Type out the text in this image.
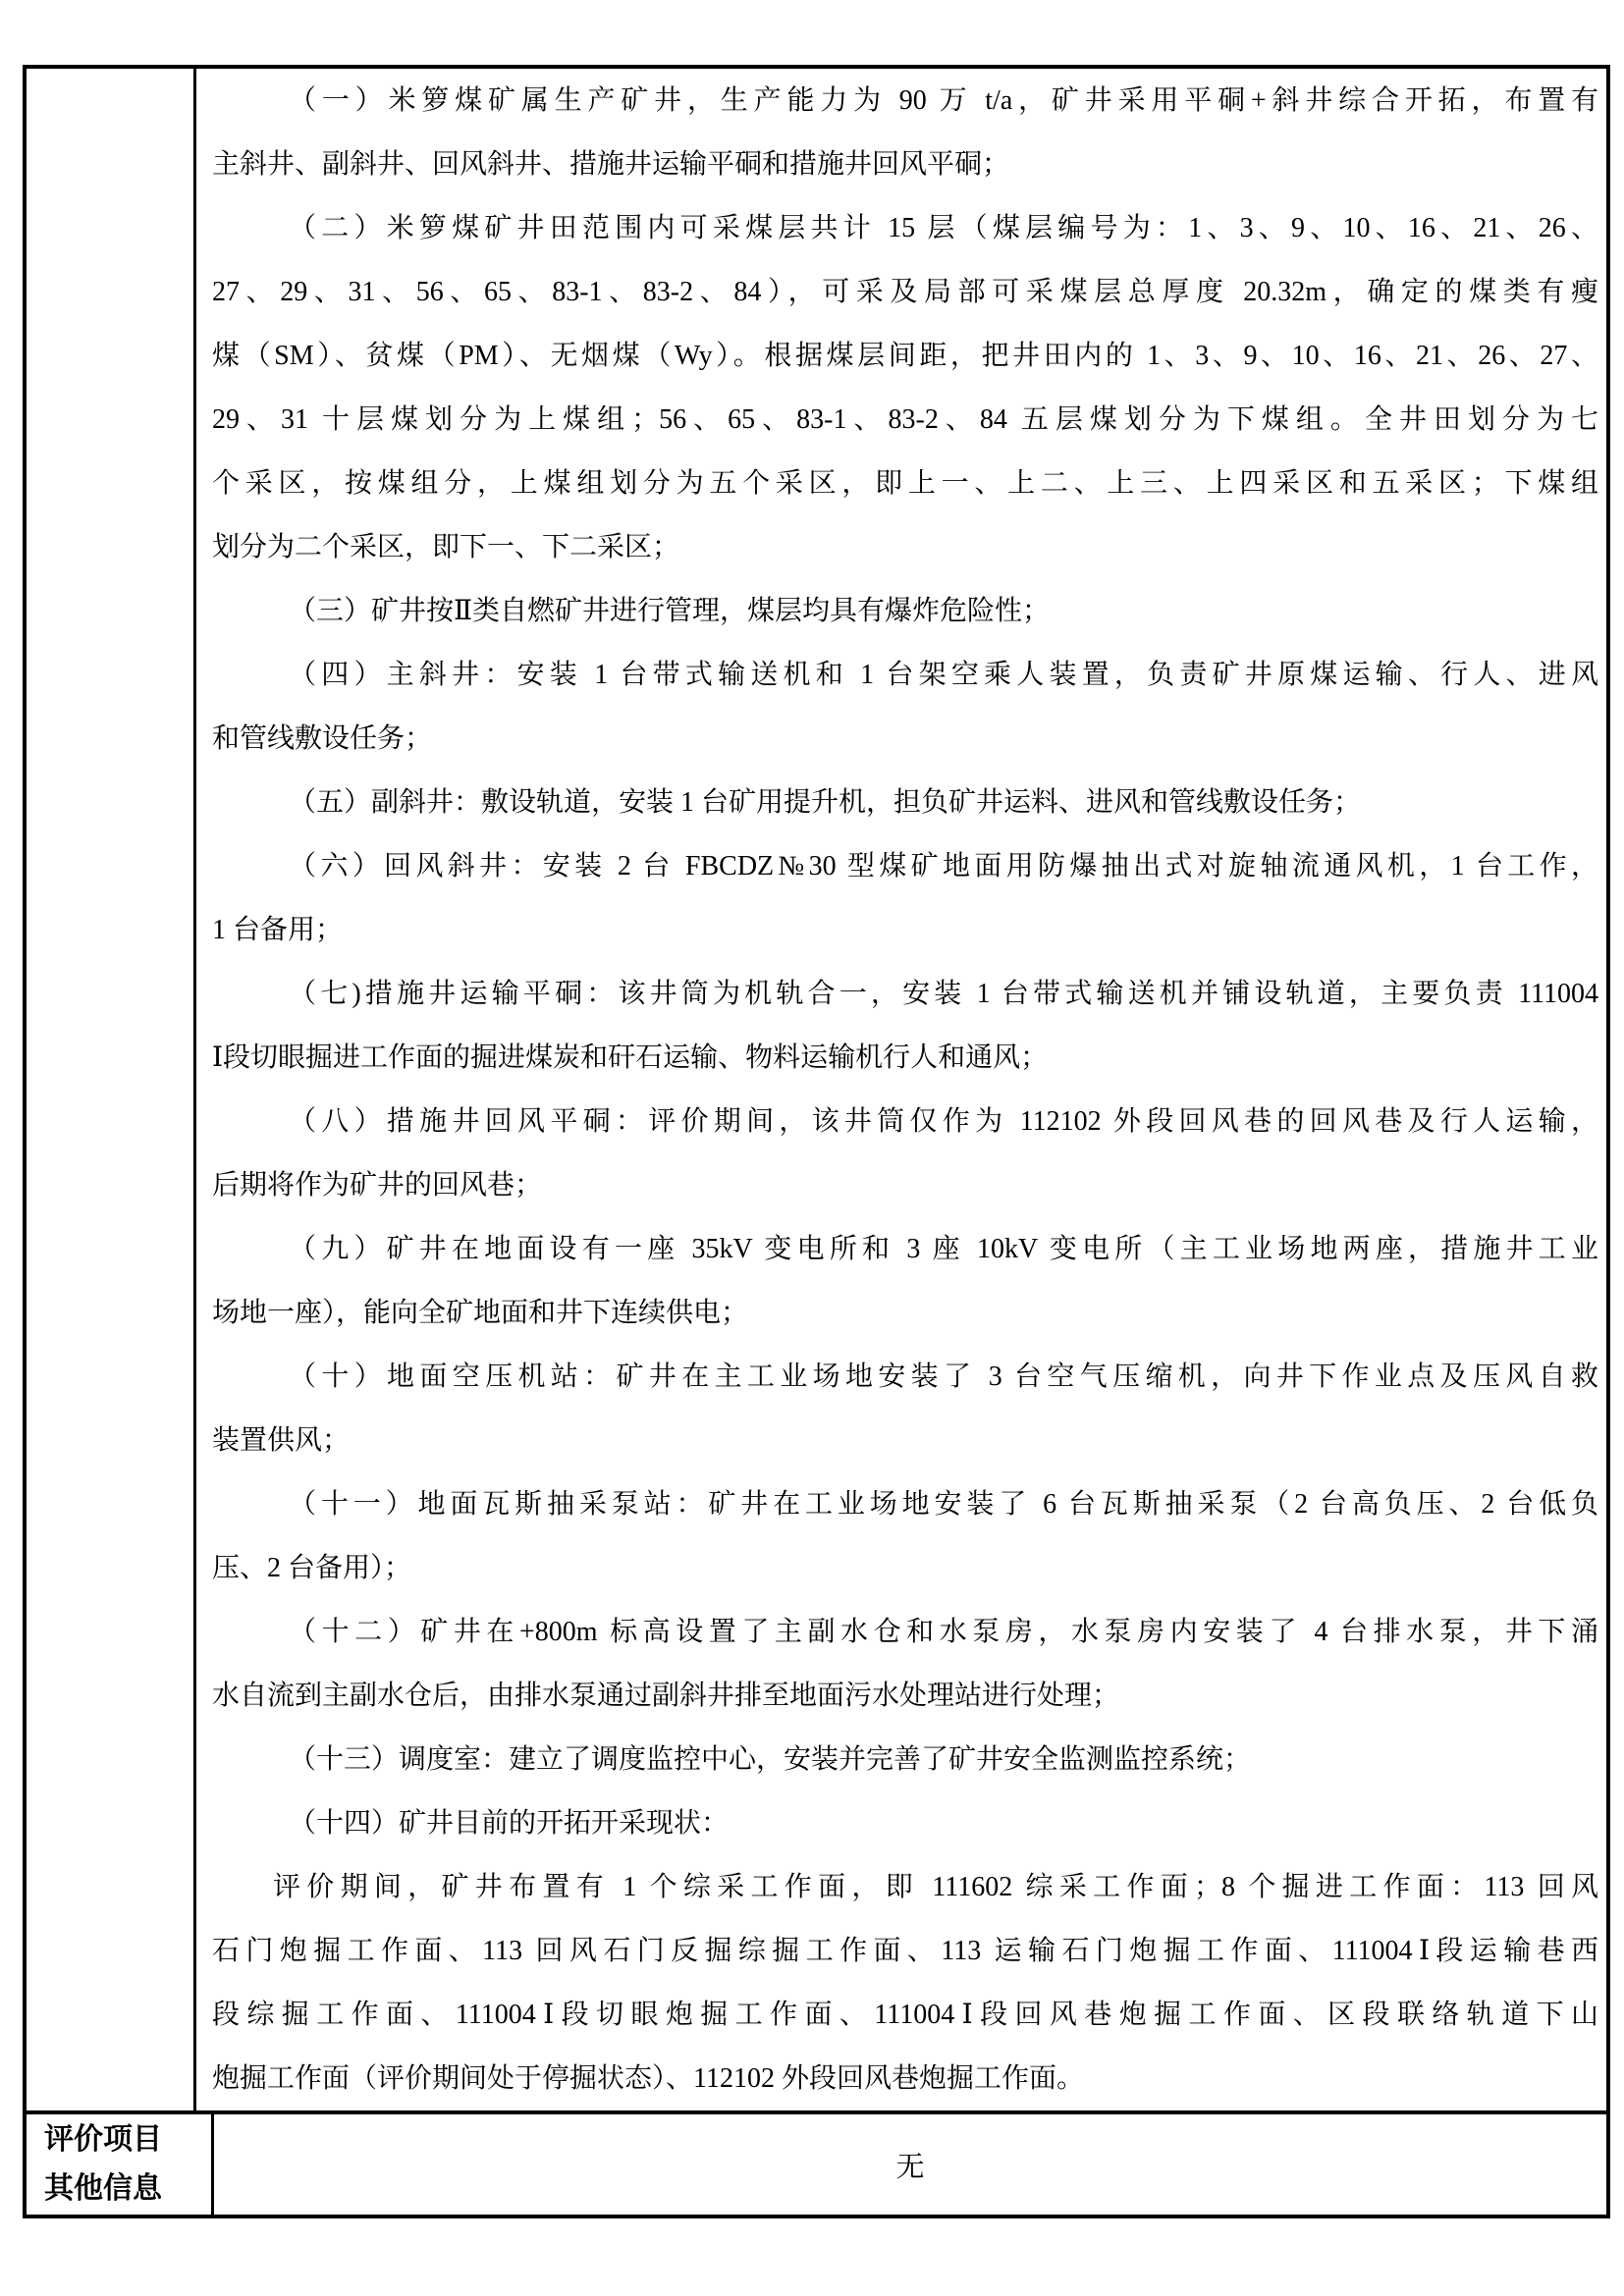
（一）米箩煤矿属生产矿井，生产能力为 90 万 t/a，矿井采用平硐+斜井综合开拓，布置有
主斜井、副斜井、回风斜井、措施井运输平硐和措施井回风平硐；
（二）米箩煤矿井田范围内可采煤层共计 15 层（煤层编号为：1、3、9、10、16、21、26、
27、29、31、56、65、83-1、83-2、84），可采及局部可采煤层总厚度 20.32m，确定的煤类有瘦
煤（SM）、贫煤（PM）、无烟煤（Wy）。根据煤层间距，把井田内的 1、3、9、10、16、21、26、27、
29、31 十层煤划分为上煤组；56、65、83-1、83-2、84 五层煤划分为下煤组。全井田划分为七
个采区，按煤组分，上煤组划分为五个采区，即上一、上二、上三、上四采区和五采区；下煤组
划分为二个采区，即下一、下二采区；
（三）矿井按Ⅱ类自燃矿井进行管理，煤层均具有爆炸危险性；
（四）主斜井：安装 1 台带式输送机和 1 台架空乘人装置，负责矿井原煤运输、行人、进风
和管线敷设任务；
（五）副斜井：敷设轨道，安装 1 台矿用提升机，担负矿井运料、进风和管线敷设任务；
（六）回风斜井：安装 2 台 FBCDZ№30 型煤矿地面用防爆抽出式对旋轴流通风机，1 台工作，
1 台备用；
（七)措施井运输平硐：该井筒为机轨合一，安装 1 台带式输送机并铺设轨道，主要负责 111004
Ⅰ段切眼掘进工作面的掘进煤炭和矸石运输、物料运输机行人和通风；
（八）措施井回风平硐：评价期间，该井筒仅作为 112102 外段回风巷的回风巷及行人运输，
后期将作为矿井的回风巷；
（九）矿井在地面设有一座 35kV 变电所和 3 座 10kV 变电所（主工业场地两座，措施井工业
场地一座），能向全矿地面和井下连续供电；
（十）地面空压机站：矿井在主工业场地安装了 3 台空气压缩机，向井下作业点及压风自救
装置供风；
（十一）地面瓦斯抽采泵站：矿井在工业场地安装了 6 台瓦斯抽采泵（2 台高负压、2 台低负
压、2 台备用）；
（十二）矿井在+800m 标高设置了主副水仓和水泵房，水泵房内安装了 4 台排水泵，井下涌
水自流到主副水仓后，由排水泵通过副斜井排至地面污水处理站进行处理；
（十三）调度室：建立了调度监控中心，安装并完善了矿井安全监测监控系统；
（十四）矿井目前的开拓开采现状：
评价期间，矿井布置有 1 个综采工作面，即 111602 综采工作面；8 个掘进工作面：113 回风
石门炮掘工作面、113 回风石门反掘综掘工作面、113 运输石门炮掘工作面、111004Ⅰ段运输巷西
段综掘工作面、111004Ⅰ段切眼炮掘工作面、111004Ⅰ段回风巷炮掘工作面、区段联络轨道下山
炮掘工作面（评价期间处于停掘状态）、112102 外段回风巷炮掘工作面。
评价项目
其他信息
无
